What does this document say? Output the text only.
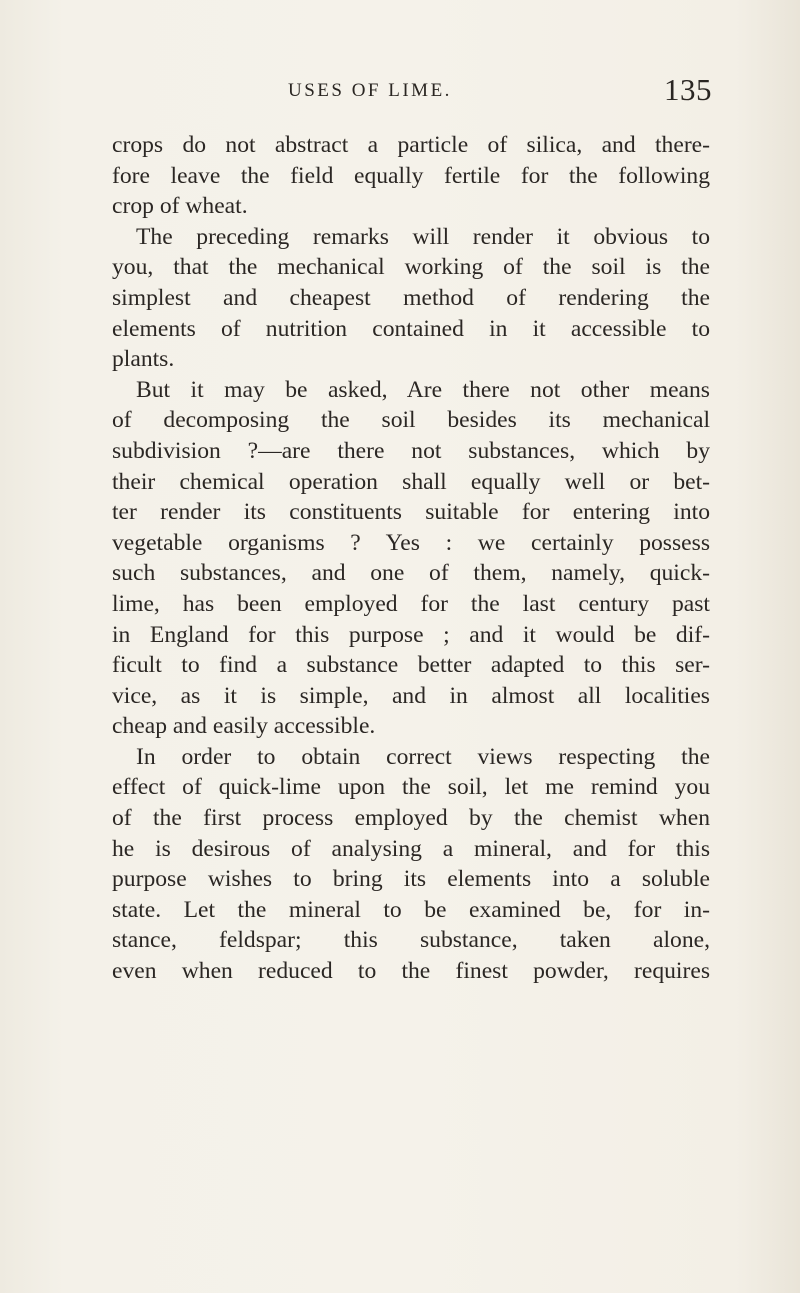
USES OF LIME.	135

crops do not abstract a particle of silica, and there-
fore leave the field equally fertile for the following
crop of wheat.

The preceding remarks will render it obvious to
you, that the mechanical working of the soil is the
simplest and cheapest method of rendering the
elements of nutrition contained in it accessible to
plants.

But it may be asked, Are there not other means
of decomposing the soil besides its mechanical
subdivision ?—are there not substances, which by
their chemical operation shall equally well or bet-
ter render its constituents suitable for entering into
vegetable organisms ? Yes : we certainly possess
such substances, and one of them, namely, quick-
lime, has been employed for the last century past
in England for this purpose ; and it would be dif-
ficult to find a substance better adapted to this ser-
vice, as it is simple, and in almost all localities
cheap and easily accessible.

In order to obtain correct views respecting the
effect of quick-lime upon the soil, let me remind you
of the first process employed by the chemist when
he is desirous of analysing a mineral, and for this
purpose wishes to bring its elements into a soluble
state. Let the mineral to be examined be, for in-
stance, feldspar; this substance, taken alone,
even when reduced to the finest powder, requires
